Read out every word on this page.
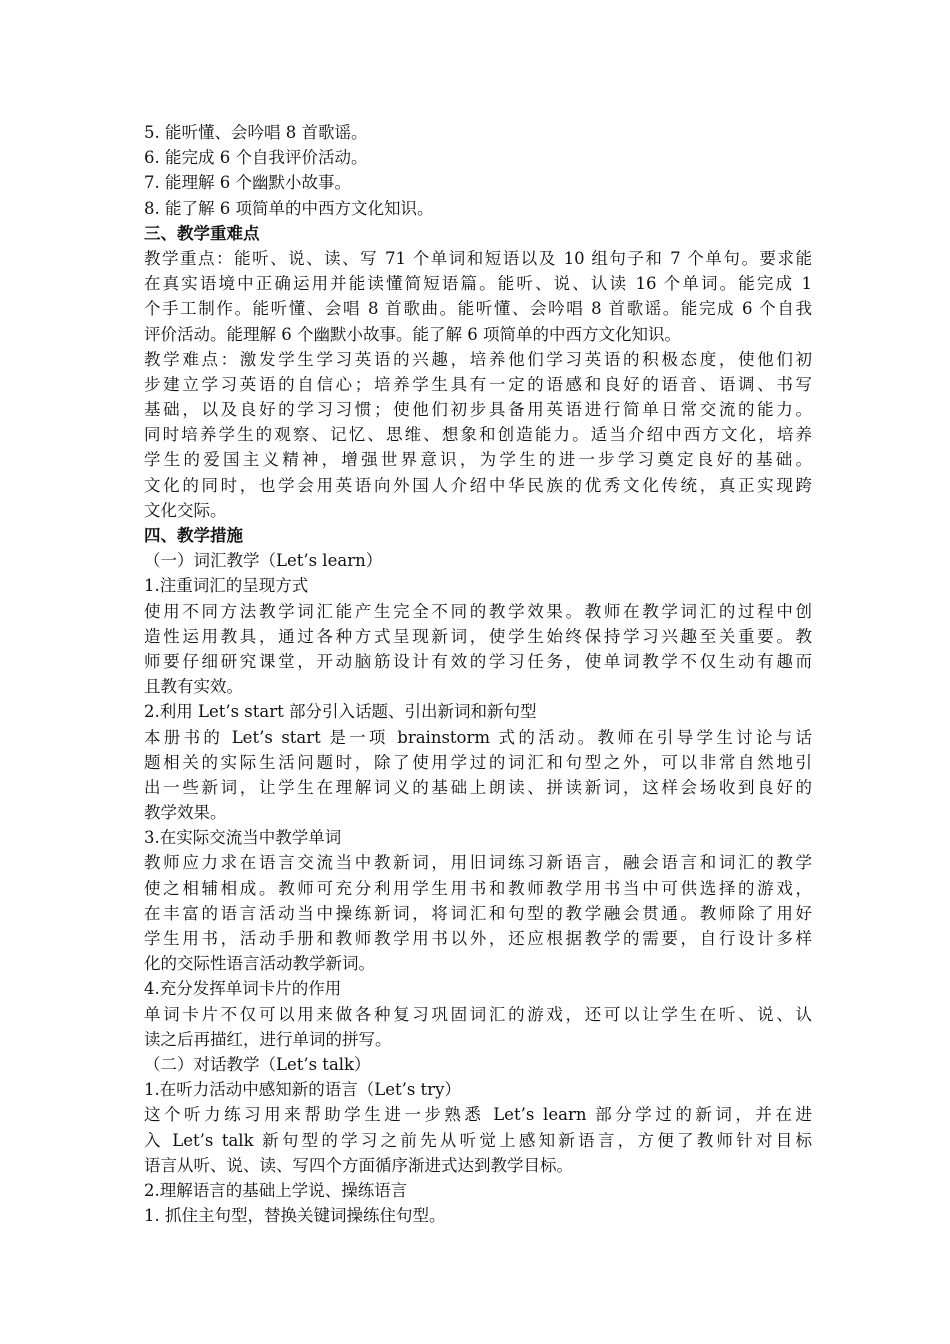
5. 能听懂、会吟唱 8 首歌谣。
6. 能完成 6 个自我评价活动。
7. 能理解 6 个幽默小故事。
8. 能了解 6 项简单的中西方文化知识。
三、教学重难点
教学重点：能听、说、读、写 71 个单词和短语以及 10 组句子和 7 个单句。要求能
在真实语境中正确运用并能读懂简短语篇。能听、说、认读 16 个单词。能完成 1
个手工制作。能听懂、会唱 8 首歌曲。能听懂、会吟唱 8 首歌谣。能完成 6 个自我
评价活动。能理解 6 个幽默小故事。能了解 6 项简单的中西方文化知识。
教学难点：激发学生学习英语的兴趣，培养他们学习英语的积极态度，使他们初
步建立学习英语的自信心；培养学生具有一定的语感和良好的语音、语调、书写
基础，以及良好的学习习惯；使他们初步具备用英语进行简单日常交流的能力。
同时培养学生的观察、记忆、思维、想象和创造能力。适当介绍中西方文化，培养
学生的爱国主义精神，增强世界意识，为学生的进一步学习奠定良好的基础。
文化的同时，也学会用英语向外国人介绍中华民族的优秀文化传统，真正实现跨
文化交际。
四、教学措施
（一）词汇教学（Let’s learn）
1.注重词汇的呈现方式
使用不同方法教学词汇能产生完全不同的教学效果。教师在教学词汇的过程中创
造性运用教具，通过各种方式呈现新词，使学生始终保持学习兴趣至关重要。教
师要仔细研究课堂，开动脑筋设计有效的学习任务，使单词教学不仅生动有趣而
且教有实效。
2.利用 Let’s start 部分引入话题、引出新词和新句型
本册书的 Let’s start 是一项 brainstorm 式的活动。教师在引导学生讨论与话
题相关的实际生活问题时，除了使用学过的词汇和句型之外，可以非常自然地引
出一些新词，让学生在理解词义的基础上朗读、拼读新词，这样会场收到良好的
教学效果。
3.在实际交流当中教学单词
教师应力求在语言交流当中教新词，用旧词练习新语言，融会语言和词汇的教学
使之相辅相成。教师可充分利用学生用书和教师教学用书当中可供选择的游戏，
在丰富的语言活动当中操练新词，将词汇和句型的教学融会贯通。教师除了用好
学生用书，活动手册和教师教学用书以外，还应根据教学的需要，自行设计多样
化的交际性语言活动教学新词。
4.充分发挥单词卡片的作用
单词卡片不仅可以用来做各种复习巩固词汇的游戏，还可以让学生在听、说、认
读之后再描红，进行单词的拼写。
（二）对话教学（Let’s talk）
1.在听力活动中感知新的语言（Let’s try）
这个听力练习用来帮助学生进一步熟悉 Let’s learn 部分学过的新词，并在进
入 Let’s talk 新句型的学习之前先从听觉上感知新语言，方便了教师针对目标
语言从听、说、读、写四个方面循序渐进式达到教学目标。
2.理解语言的基础上学说、操练语言
1. 抓住主句型，替换关键词操练住句型。
